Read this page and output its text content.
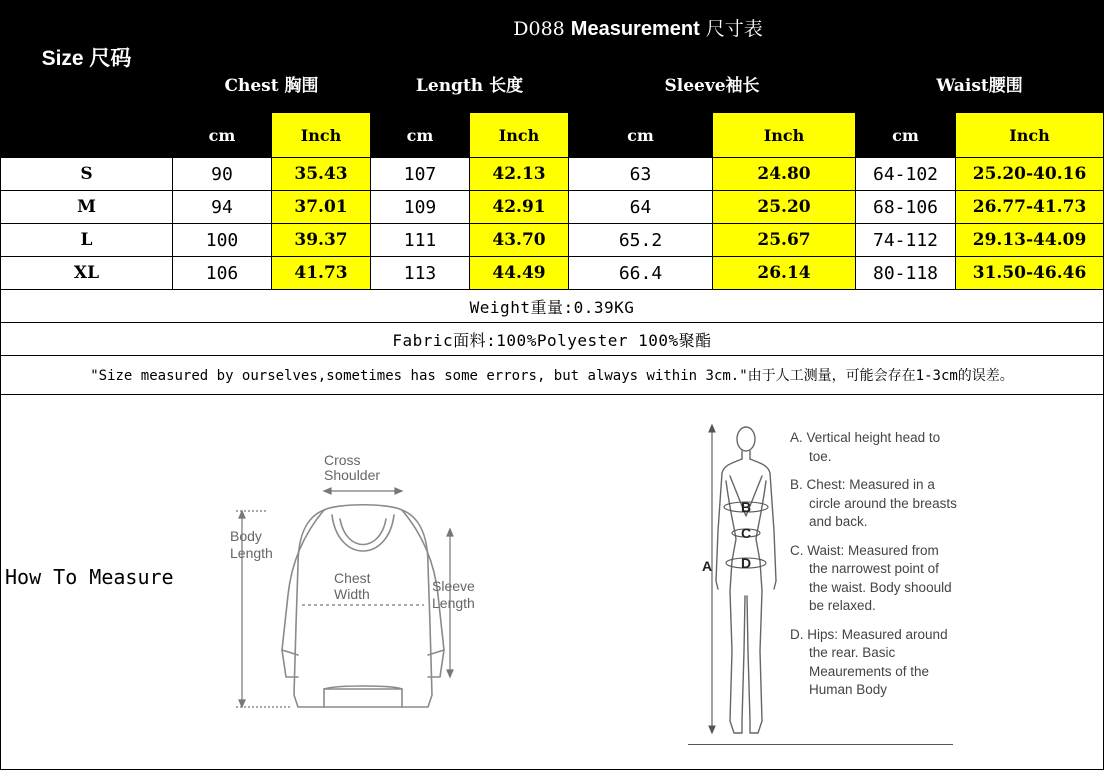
Size 尺码	D088 Measurement 尺寸表							
	Chest 胸围		Length 长度		Sleeve袖长		Waist腰围	
	cm	Inch	cm	Inch	cm	Inch	cm	Inch
S	90	35.43	107	42.13	63	24.80	64-102	25.20-40.16
M	94	37.01	109	42.91	64	25.20	68-106	26.77-41.73
L	100	39.37	111	43.70	65.2	25.67	74-112	29.13-44.09
XL	106	41.73	113	44.49	66.4	26.14	80-118	31.50-46.46
Weight重量:0.39KG								
Fabric面料:100%Polyester 100%聚酯								
"Size measured by ourselves,sometimes has some errors, but always within 3cm."由于人工测量，可能会存在1-3cm的误差。								
How To Measure
Cross
Shoulder
Body
Length
Chest
Width	Sleeve
Length
A
B
C
D
A. Vertical height head to toe.
B. Chest: Measured in a circle around the breasts and back.
C. Waist: Measured from the narrowest point of the waist. Body shoould be relaxed.
D. Hips: Measured around the rear. Basic Meaurements of the Human Body
